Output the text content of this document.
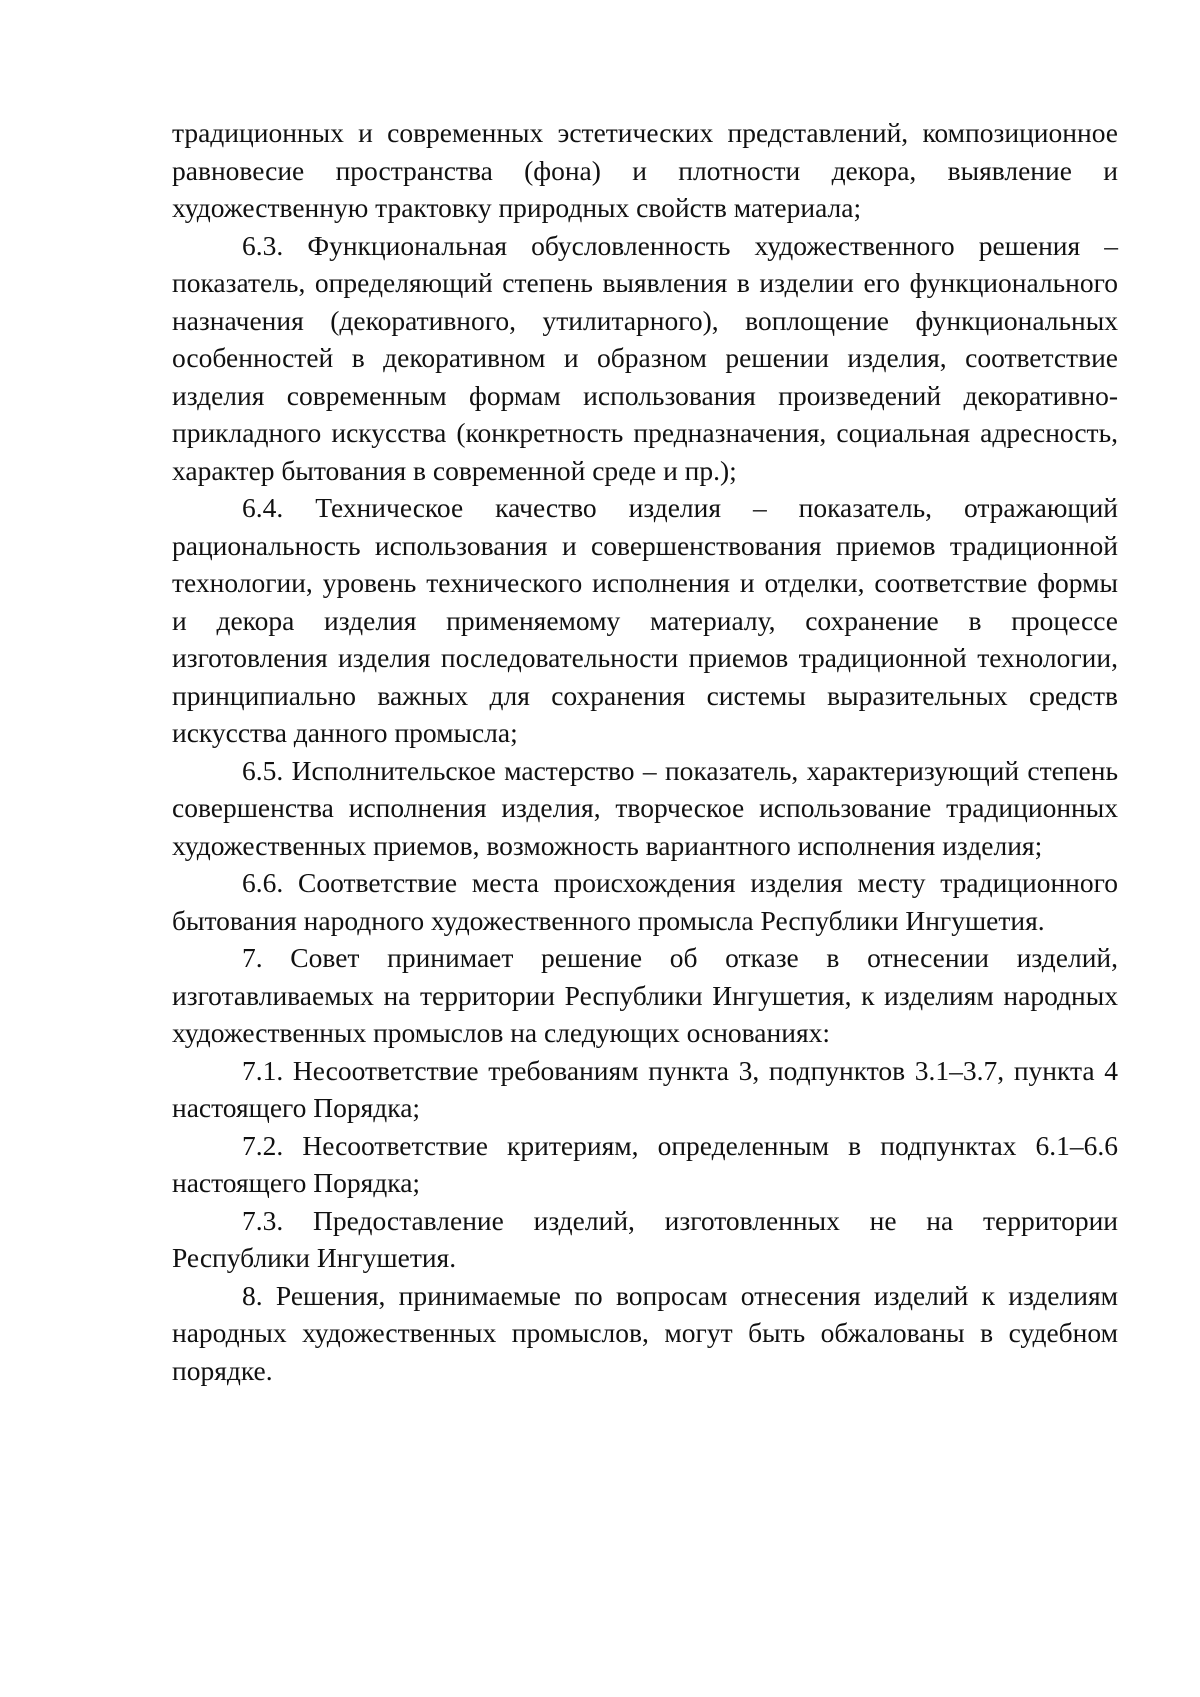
традиционных и современных эстетических представлений, композиционное равновесие пространства (фона) и плотности декора, выявление и художественную трактовку природных свойств материала;

6.3. Функциональная обусловленность художественного решения – показатель, определяющий степень выявления в изделии его функционального назначения (декоративного, утилитарного), воплощение функциональных особенностей в декоративном и образном решении изделия, соответствие изделия современным формам использования произведений декоративно-прикладного искусства (конкретность предназначения, социальная адресность, характер бытования в современной среде и пр.);

6.4. Техническое качество изделия – показатель, отражающий рациональность использования и совершенствования приемов традиционной технологии, уровень технического исполнения и отделки, соответствие формы и декора изделия применяемому материалу, сохранение в процессе изготовления изделия последовательности приемов традиционной технологии, принципиально важных для сохранения системы выразительных средств искусства данного промысла;

6.5. Исполнительское мастерство – показатель, характеризующий степень совершенства исполнения изделия, творческое использование традиционных художественных приемов, возможность вариантного исполнения изделия;

6.6. Соответствие места происхождения изделия месту традиционного бытования народного художественного промысла Республики Ингушетия.

7. Совет принимает решение об отказе в отнесении изделий, изготавливаемых на территории Республики Ингушетия, к изделиям народных художественных промыслов на следующих основаниях:

7.1. Несоответствие требованиям пункта 3, подпунктов 3.1–3.7, пункта 4 настоящего Порядка;

7.2. Несоответствие критериям, определенным в подпунктах 6.1–6.6 настоящего Порядка;

7.3. Предоставление изделий, изготовленных не на территории Республики Ингушетия.

8. Решения, принимаемые по вопросам отнесения изделий к изделиям народных художественных промыслов, могут быть обжалованы в судебном порядке.
